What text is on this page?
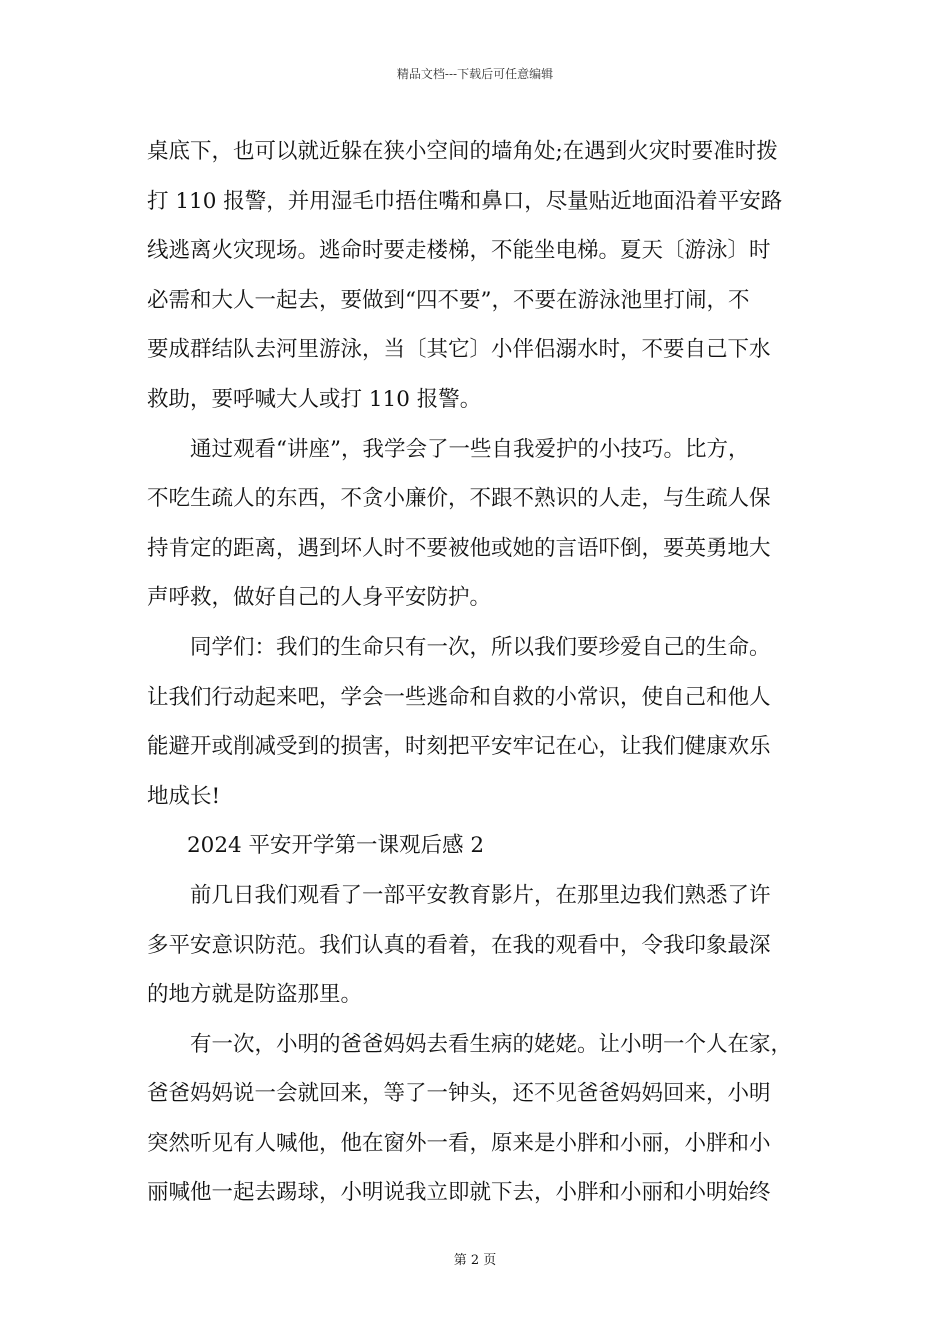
精品文档---下载后可任意编辑
桌底下，也可以就近躲在狭小空间的墙角处;在遇到火灾时要准时拨
打 110 报警，并用湿毛巾捂住嘴和鼻口，尽量贴近地面沿着平安路
线逃离火灾现场。逃命时要走楼梯，不能坐电梯。夏天〔游泳〕时
必需和大人一起去，要做到“四不要”，不要在游泳池里打闹，不
要成群结队去河里游泳，当〔其它〕小伴侣溺水时，不要自己下水
救助，要呼喊大人或打 110 报警。
通过观看“讲座”，我学会了一些自我爱护的小技巧。比方，
不吃生疏人的东西，不贪小廉价，不跟不熟识的人走，与生疏人保
持肯定的距离，遇到坏人时不要被他或她的言语吓倒，要英勇地大
声呼救，做好自己的人身平安防护。
同学们：我们的生命只有一次，所以我们要珍爱自己的生命。
让我们行动起来吧，学会一些逃命和自救的小常识，使自己和他人
能避开或削减受到的损害，时刻把平安牢记在心，让我们健康欢乐
地成长!
2024 平安开学第一课观后感 2
前几日我们观看了一部平安教育影片，在那里边我们熟悉了许
多平安意识防范。我们认真的看着，在我的观看中，令我印象最深
的地方就是防盗那里。
有一次，小明的爸爸妈妈去看生病的姥姥。让小明一个人在家，
爸爸妈妈说一会就回来，等了一钟头，还不见爸爸妈妈回来，小明
突然听见有人喊他，他在窗外一看，原来是小胖和小丽，小胖和小
丽喊他一起去踢球，小明说我立即就下去，小胖和小丽和小明始终
第 2 页
